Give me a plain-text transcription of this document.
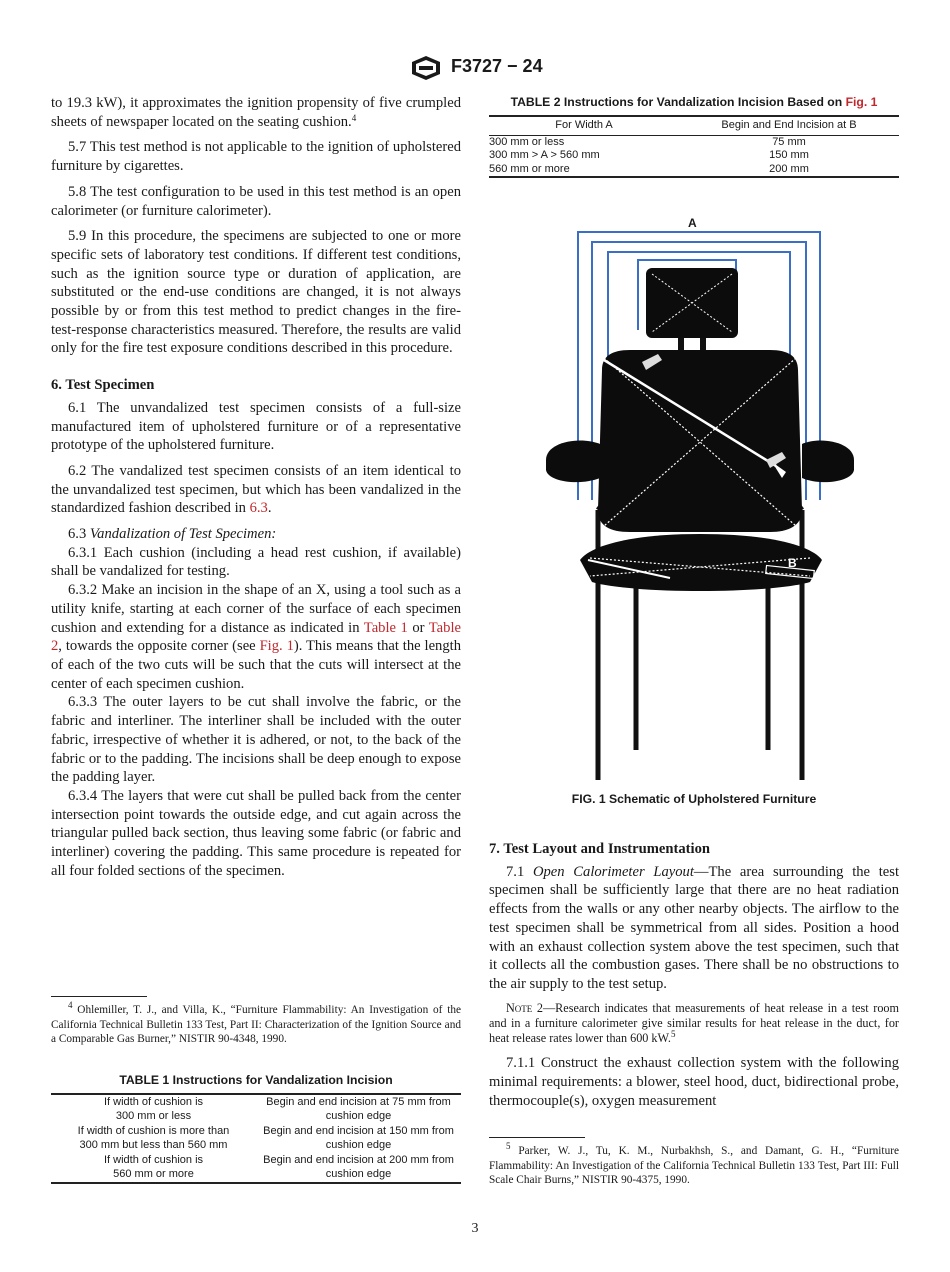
F3727 − 24

to 19.3 kW), it approximates the ignition propensity of five crumpled sheets of newspaper located on the seating cushion.$^4$

5.7 This test method is not applicable to the ignition of upholstered furniture by cigarettes.

5.8 The test configuration to be used in this test method is an open calorimeter (or furniture calorimeter).

5.9 In this procedure, the specimens are subjected to one or more specific sets of laboratory test conditions. If different test conditions, such as the ignition source type or duration of application, are substituted or the end-use conditions are changed, it is not always possible by or from this test method to predict changes in the fire-test-response characteristics measured. Therefore, the results are valid only for the fire test exposure conditions described in this procedure.

6. Test Specimen

6.1 The unvandalized test specimen consists of a full-size manufactured item of upholstered furniture or of a representative prototype of the upholstered furniture.

6.2 The vandalized test specimen consists of an item identical to the unvandalized test specimen, but which has been vandalized in the standardized fashion described in 6.3.

6.3 Vandalization of Test Specimen:

6.3.1 Each cushion (including a head rest cushion, if available) shall be vandalized for testing.

6.3.2 Make an incision in the shape of an X, using a tool such as a utility knife, starting at each corner of the surface of each specimen cushion and extending for a distance as indicated in Table 1 or Table 2, towards the opposite corner (see Fig. 1). This means that the length of each of the two cuts will be such that the cuts will intersect at the center of each specimen cushion.

6.3.3 The outer layers to be cut shall involve the fabric, or the fabric and interliner. The interliner shall be included with the outer fabric, irrespective of whether it is adhered, or not, to the back of the fabric or to the padding. The incisions shall be deep enough to expose the padding layer.

6.3.4 The layers that were cut shall be pulled back from the center intersection point towards the outside edge, and cut again across the triangular pulled back section, thus leaving some fabric (or fabric and interliner) covering the padding. This same procedure is repeated for all four folded sections of the specimen.

$^4$ Ohlemiller, T. J., and Villa, K., “Furniture Flammability: An Investigation of the California Technical Bulletin 133 Test, Part II: Characterization of the Ignition Source and a Comparable Gas Burner,” NISTIR 90-4348, 1990.

TABLE 1 Instructions for Vandalization Incision

If width of cushion is
300 mm or less	Begin and end incision at 75 mm from
cushion edge
If width of cushion is more than
300 mm but less than 560 mm	Begin and end incision at 150 mm from
cushion edge
If width of cushion is
560 mm or more	Begin and end incision at 200 mm from
cushion edge

TABLE 2 Instructions for Vandalization Incision Based on Fig. 1

For Width A	Begin and End Incision at B
300 mm or less	75 mm
300 mm > A > 560 mm	150 mm
560 mm or more	200 mm
A
B
FIG. 1 Schematic of Upholstered Furniture

7. Test Layout and Instrumentation

7.1 Open Calorimeter Layout—The area surrounding the test specimen shall be sufficiently large that there are no heat radiation effects from the walls or any other nearby objects. The airflow to the test specimen shall be symmetrical from all sides. Position a hood with an exhaust collection system above the test specimen, such that it collects all the combustion gases. There shall be no obstructions to the air supply to the test setup.

Note 2—Research indicates that measurements of heat release in a test room and in a furniture calorimeter give similar results for heat release in the duct, for heat release rates lower than 600 kW.$^5$

7.1.1 Construct the exhaust collection system with the following minimal requirements: a blower, steel hood, duct, bidirectional probe, thermocouple(s), oxygen measurement

$^5$ Parker, W. J., Tu, K. M., Nurbakhsh, S., and Damant, G. H., “Furniture Flammability: An Investigation of the California Technical Bulletin 133 Test, Part III: Full Scale Chair Burns,” NISTIR 90-4375, 1990.

3
